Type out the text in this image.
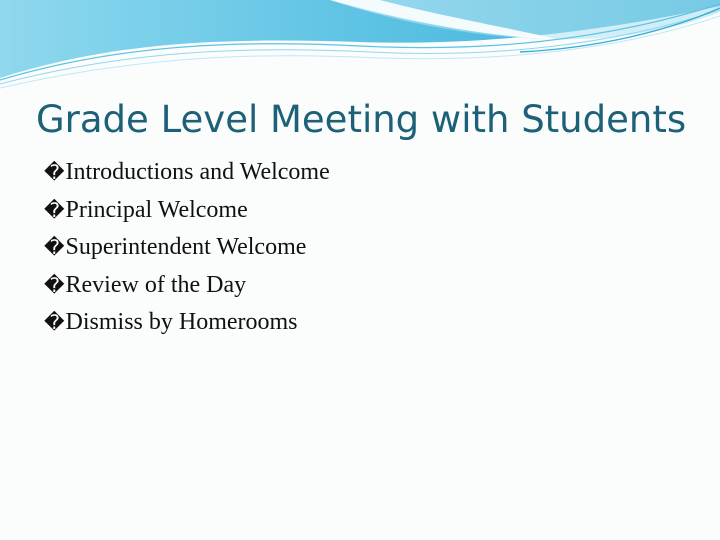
Grade Level Meeting with Students
� Introductions and Welcome
� Principal Welcome
� Superintendent Welcome
� Review of the Day
� Dismiss by Homerooms
